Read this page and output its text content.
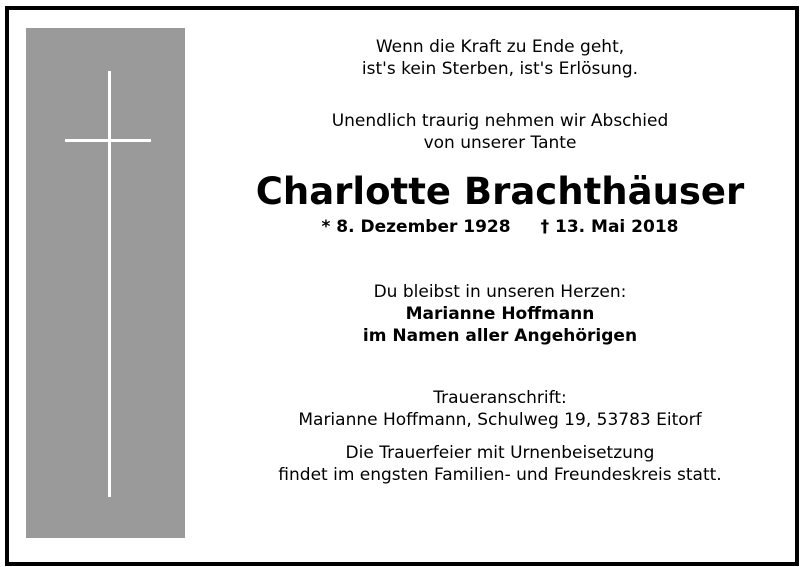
Wenn die Kraft zu Ende geht,
ist's kein Sterben, ist's Erlösung.
Unendlich traurig nehmen wir Abschied
von unserer Tante
Charlotte Brachthäuser
* 8. Dezember 1928 † 13. Mai 2018
Du bleibst in unseren Herzen:
Marianne Hoffmann
im Namen aller Angehörigen
Traueranschrift:
Marianne Hoffmann, Schulweg 19, 53783 Eitorf
Die Trauerfeier mit Urnenbeisetzung
findet im engsten Familien- und Freundeskreis statt.
